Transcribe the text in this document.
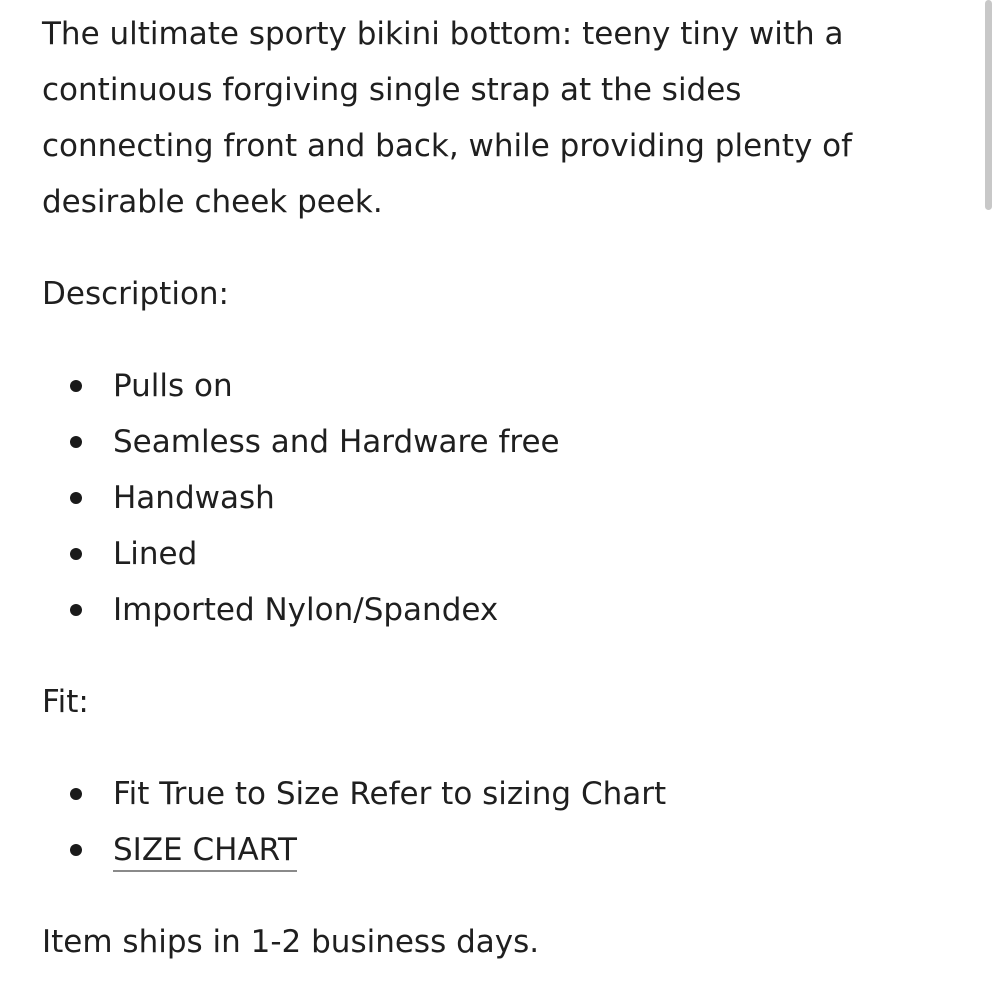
The ultimate sporty bikini bottom: teeny tiny with a continuous forgiving single strap at the sides connecting front and back, while providing plenty of desirable cheek peek.

Description:

Pulls on
Seamless and Hardware free
Handwash
Lined
Imported Nylon/Spandex

Fit:

Fit True to Size Refer to sizing Chart
SIZE CHART

Item ships in 1-2 business days.
